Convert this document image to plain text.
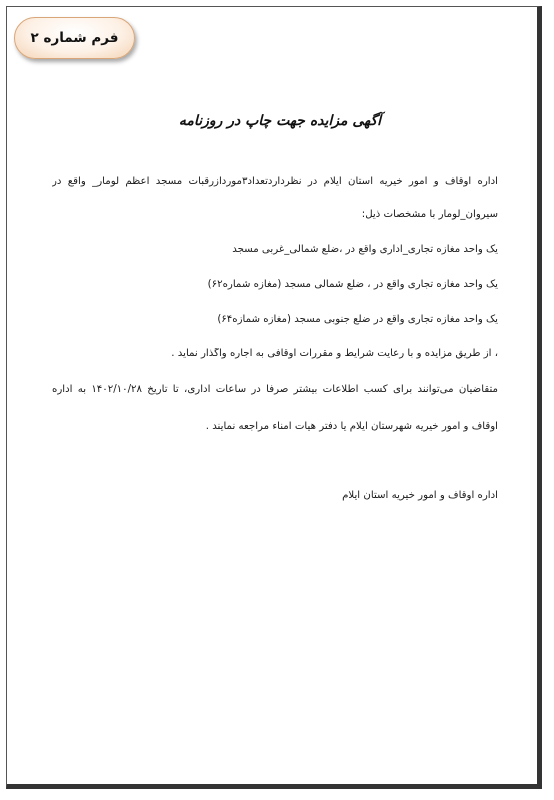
فرم شماره ۲
آگهی مزایده جهت چاپ در روزنامه
اداره اوقاف و امور خیریه استان ایلام در نظرداردتعداد۳موردازرقبات مسجد اعظم لومار_ واقع در
سیروان_لومار با مشخصات ذیل:
یک واحد مغازه تجاری_اداری واقع در ،ضلع شمالی_غربی مسجد
یک واحد مغازه تجاری واقع در ، ضلع شمالی مسجد (مغازه شماره۶۲)
یک واحد مغازه تجاری واقع در ضلع جنوبی مسجد (مغازه شمازه۶۴)
، از طریق مزایده و با رعایت شرایط و مقررات اوقافی به اجاره واگذار نماید .
متقاضیان می‌توانند برای کسب اطلاعات بیشتر صرفاً در ساعات اداری، تا تاریخ ۱۴۰۲/۱۰/۲۸ به اداره
اوقاف و امور خیریه شهرستان ایلام یا دفتر هیات امناء مراجعه نمایند .
اداره اوقاف و امور خیریه استان ایلام
